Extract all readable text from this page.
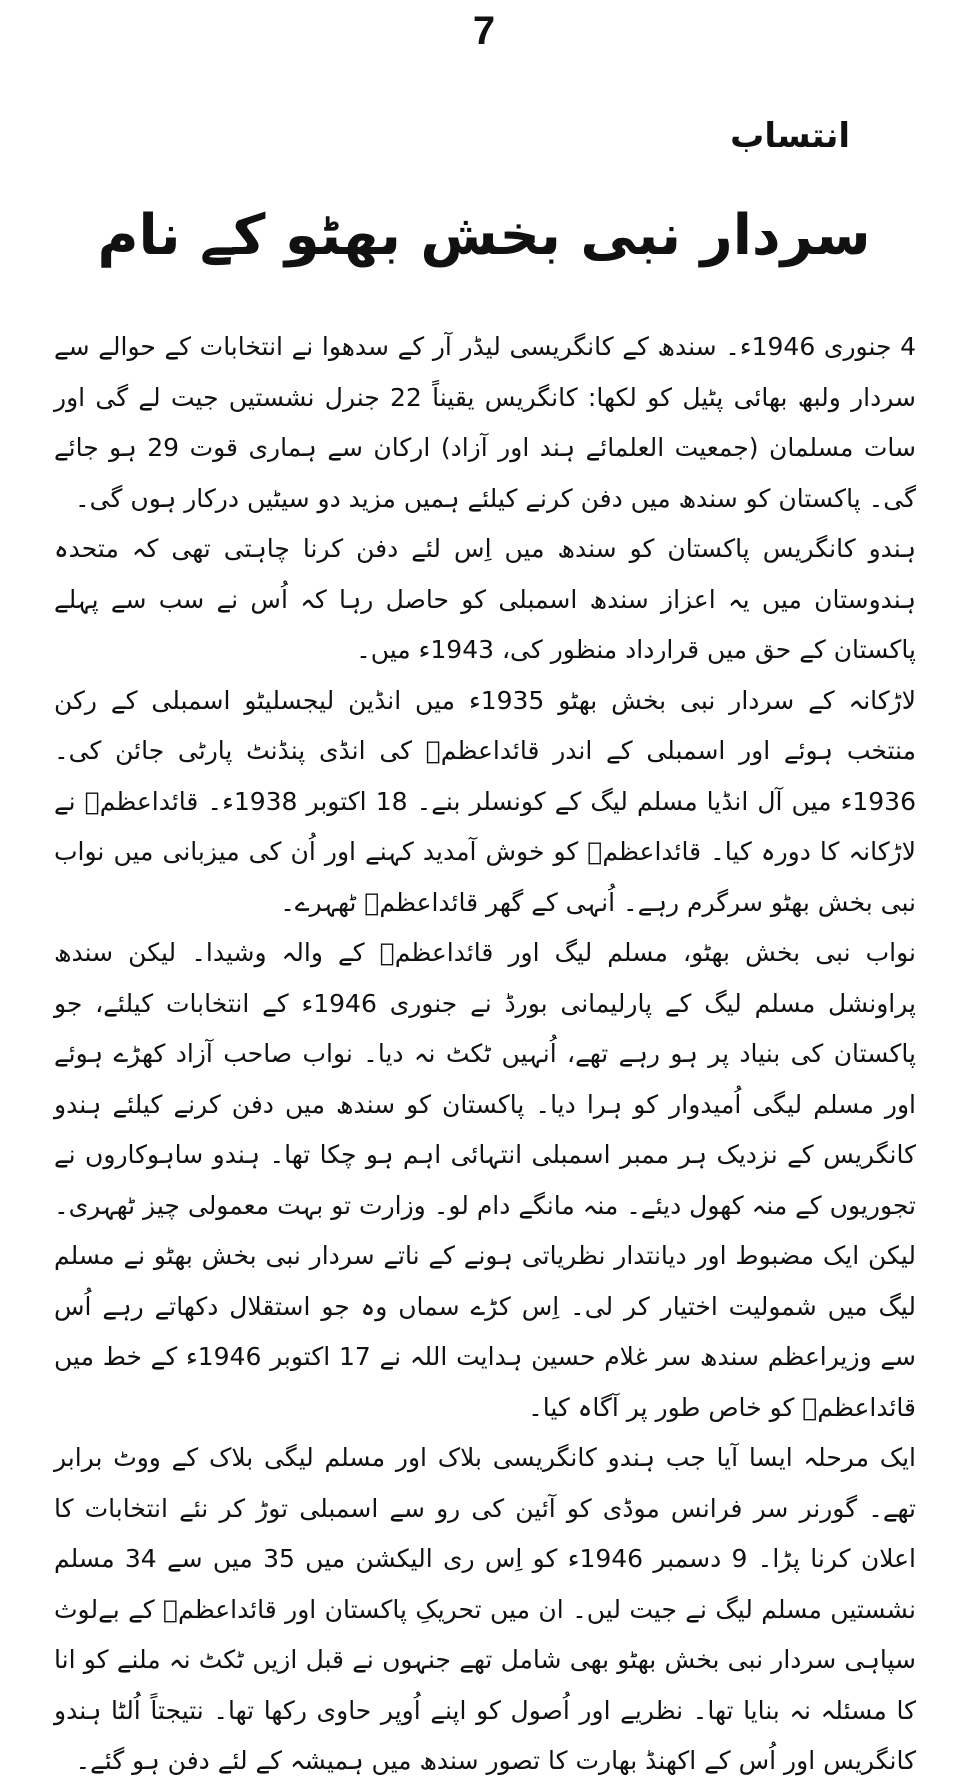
7
انتساب
سردار نبی بخش بھٹو کے نام

4 جنوری 1946ء۔ سندھ کے کانگریسی لیڈر آر کے سدھوا نے انتخابات کے حوالے سے سردار ولبھ بھائی پٹیل کو لکھا: کانگریس یقیناً 22 جنرل نشستیں جیت لے گی اور سات مسلمان (جمعیت العلمائے ہند اور آزاد) ارکان سے ہماری قوت 29 ہو جائے گی۔ پاکستان کو سندھ میں دفن کرنے کیلئے ہمیں مزید دو سیٹیں درکار ہوں گی۔

ہندو کانگریس پاکستان کو سندھ میں اِس لئے دفن کرنا چاہتی تھی کہ متحدہ ہندوستان میں یہ اعزاز سندھ اسمبلی کو حاصل رہا کہ اُس نے سب سے پہلے پاکستان کے حق میں قرارداد منظور کی، 1943ء میں۔

لاڑکانہ کے سردار نبی بخش بھٹو 1935ء میں انڈین لیجسلیٹو اسمبلی کے رکن منتخب ہوئے اور اسمبلی کے اندر قائداعظمؒ کی انڈی پنڈنٹ پارٹی جائن کی۔ 1936ء میں آل انڈیا مسلم لیگ کے کونسلر بنے۔ 18 اکتوبر 1938ء۔ قائداعظمؒ نے لاڑکانہ کا دورہ کیا۔ قائداعظمؒ کو خوش آمدید کہنے اور اُن کی میزبانی میں نواب نبی بخش بھٹو سرگرم رہے۔ اُنہی کے گھر قائداعظمؒ ٹھہرے۔

نواب نبی بخش بھٹو، مسلم لیگ اور قائداعظمؒ کے والہ وشیدا۔ لیکن سندھ پراونشل مسلم لیگ کے پارلیمانی بورڈ نے جنوری 1946ء کے انتخابات کیلئے، جو پاکستان کی بنیاد پر ہو رہے تھے، اُنہیں ٹکٹ نہ دیا۔ نواب صاحب آزاد کھڑے ہوئے اور مسلم لیگی اُمیدوار کو ہرا دیا۔ پاکستان کو سندھ میں دفن کرنے کیلئے ہندو کانگریس کے نزدیک ہر ممبر اسمبلی انتہائی اہم ہو چکا تھا۔ ہندو ساہوکاروں نے تجوریوں کے منہ کھول دیئے۔ منہ مانگے دام لو۔ وزارت تو بہت معمولی چیز ٹھہری۔ لیکن ایک مضبوط اور دیانتدار نظریاتی ہونے کے ناتے سردار نبی بخش بھٹو نے مسلم لیگ میں شمولیت اختیار کر لی۔ اِس کڑے سماں وہ جو استقلال دکھاتے رہے اُس سے وزیراعظم سندھ سر غلام حسین ہدایت اللہ نے 17 اکتوبر 1946ء کے خط میں قائداعظمؒ کو خاص طور پر آگاہ کیا۔

ایک مرحلہ ایسا آیا جب ہندو کانگریسی بلاک اور مسلم لیگی بلاک کے ووٹ برابر تھے۔ گورنر سر فرانس موڈی کو آئین کی رو سے اسمبلی توڑ کر نئے انتخابات کا اعلان کرنا پڑا۔ 9 دسمبر 1946ء کو اِس ری الیکشن میں 35 میں سے 34 مسلم نشستیں مسلم لیگ نے جیت لیں۔ ان میں تحریکِ پاکستان اور قائداعظمؒ کے بےلوث سپاہی سردار نبی بخش بھٹو بھی شامل تھے جنہوں نے قبل ازیں ٹکٹ نہ ملنے کو انا کا مسئلہ نہ بنایا تھا۔ نظریے اور اُصول کو اپنے اُوپر حاوی رکھا تھا۔ نتیجتاً اُلٹا ہندو کانگریس اور اُس کے اکھنڈ بھارت کا تصور سندھ میں ہمیشہ کے لئے دفن ہو گئے۔
